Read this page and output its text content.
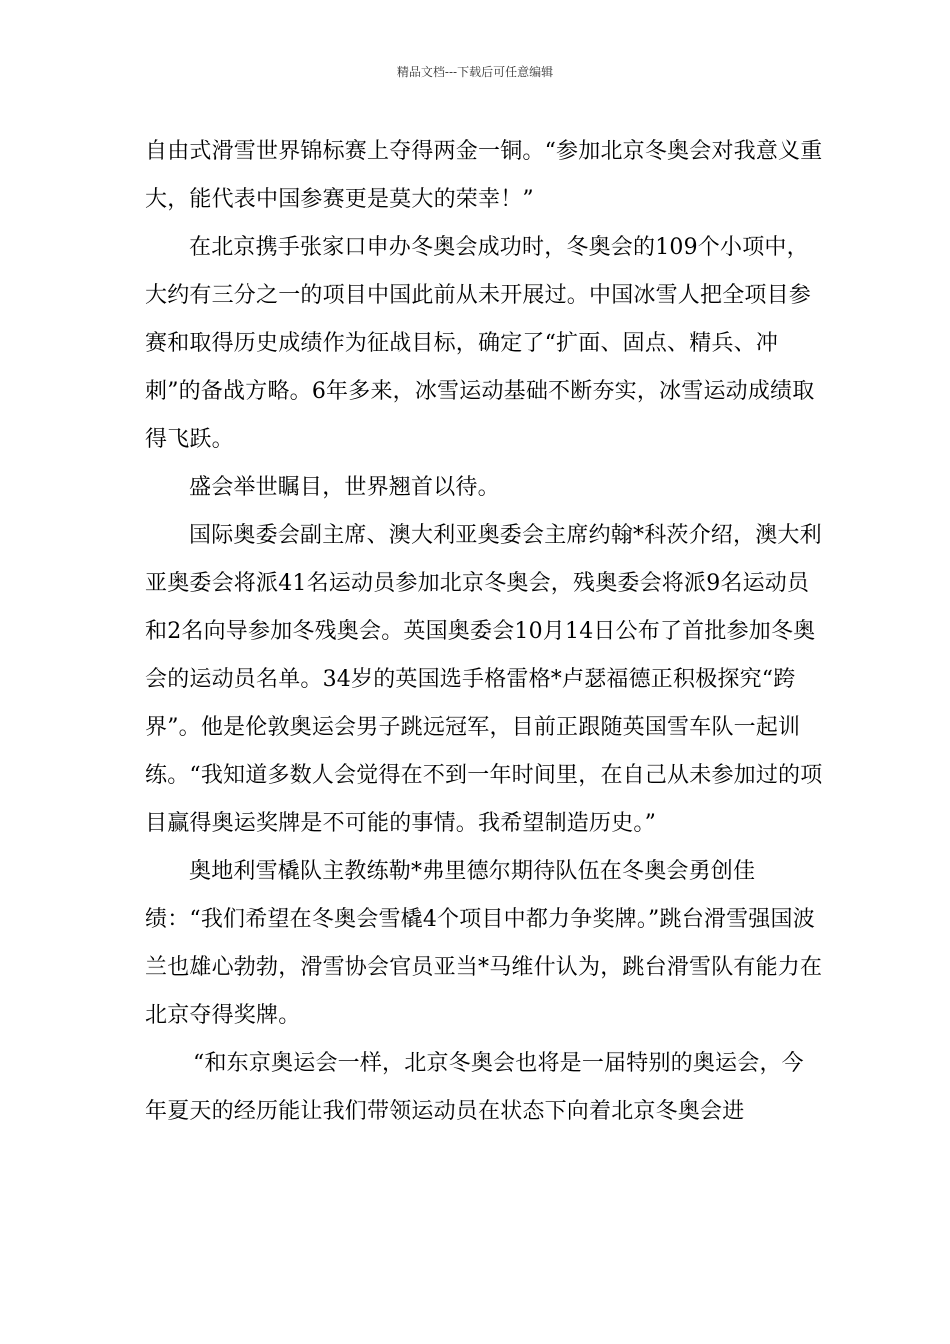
精品文档---下载后可任意编辑

自由式滑雪世界锦标赛上夺得两金一铜。“参加北京冬奥会对我意义重大，能代表中国参赛更是莫大的荣幸！”

在北京携手张家口申办冬奥会成功时，冬奥会的109个小项中，大约有三分之一的项目中国此前从未开展过。中国冰雪人把全项目参赛和取得历史成绩作为征战目标，确定了“扩面、固点、精兵、冲刺”的备战方略。6年多来，冰雪运动基础不断夯实，冰雪运动成绩取得飞跃。

盛会举世瞩目，世界翘首以待。

国际奥委会副主席、澳大利亚奥委会主席约翰*科茨介绍，澳大利亚奥委会将派41名运动员参加北京冬奥会，残奥委会将派9名运动员和2名向导参加冬残奥会。英国奥委会10月14日公布了首批参加冬奥会的运动员名单。34岁的英国选手格雷格*卢瑟福德正积极探究“跨界”。他是伦敦奥运会男子跳远冠军，目前正跟随英国雪车队一起训练。“我知道多数人会觉得在不到一年时间里，在自己从未参加过的项目赢得奥运奖牌是不可能的事情。我希望制造历史。”

奥地利雪橇队主教练勒*弗里德尔期待队伍在冬奥会勇创佳绩：“我们希望在冬奥会雪橇4个项目中都力争奖牌。”跳台滑雪强国波兰也雄心勃勃，滑雪协会官员亚当*马维什认为，跳台滑雪队有能力在北京夺得奖牌。

“和东京奥运会一样，北京冬奥会也将是一届特别的奥运会，今年夏天的经历能让我们带领运动员在状态下向着北京冬奥会进
